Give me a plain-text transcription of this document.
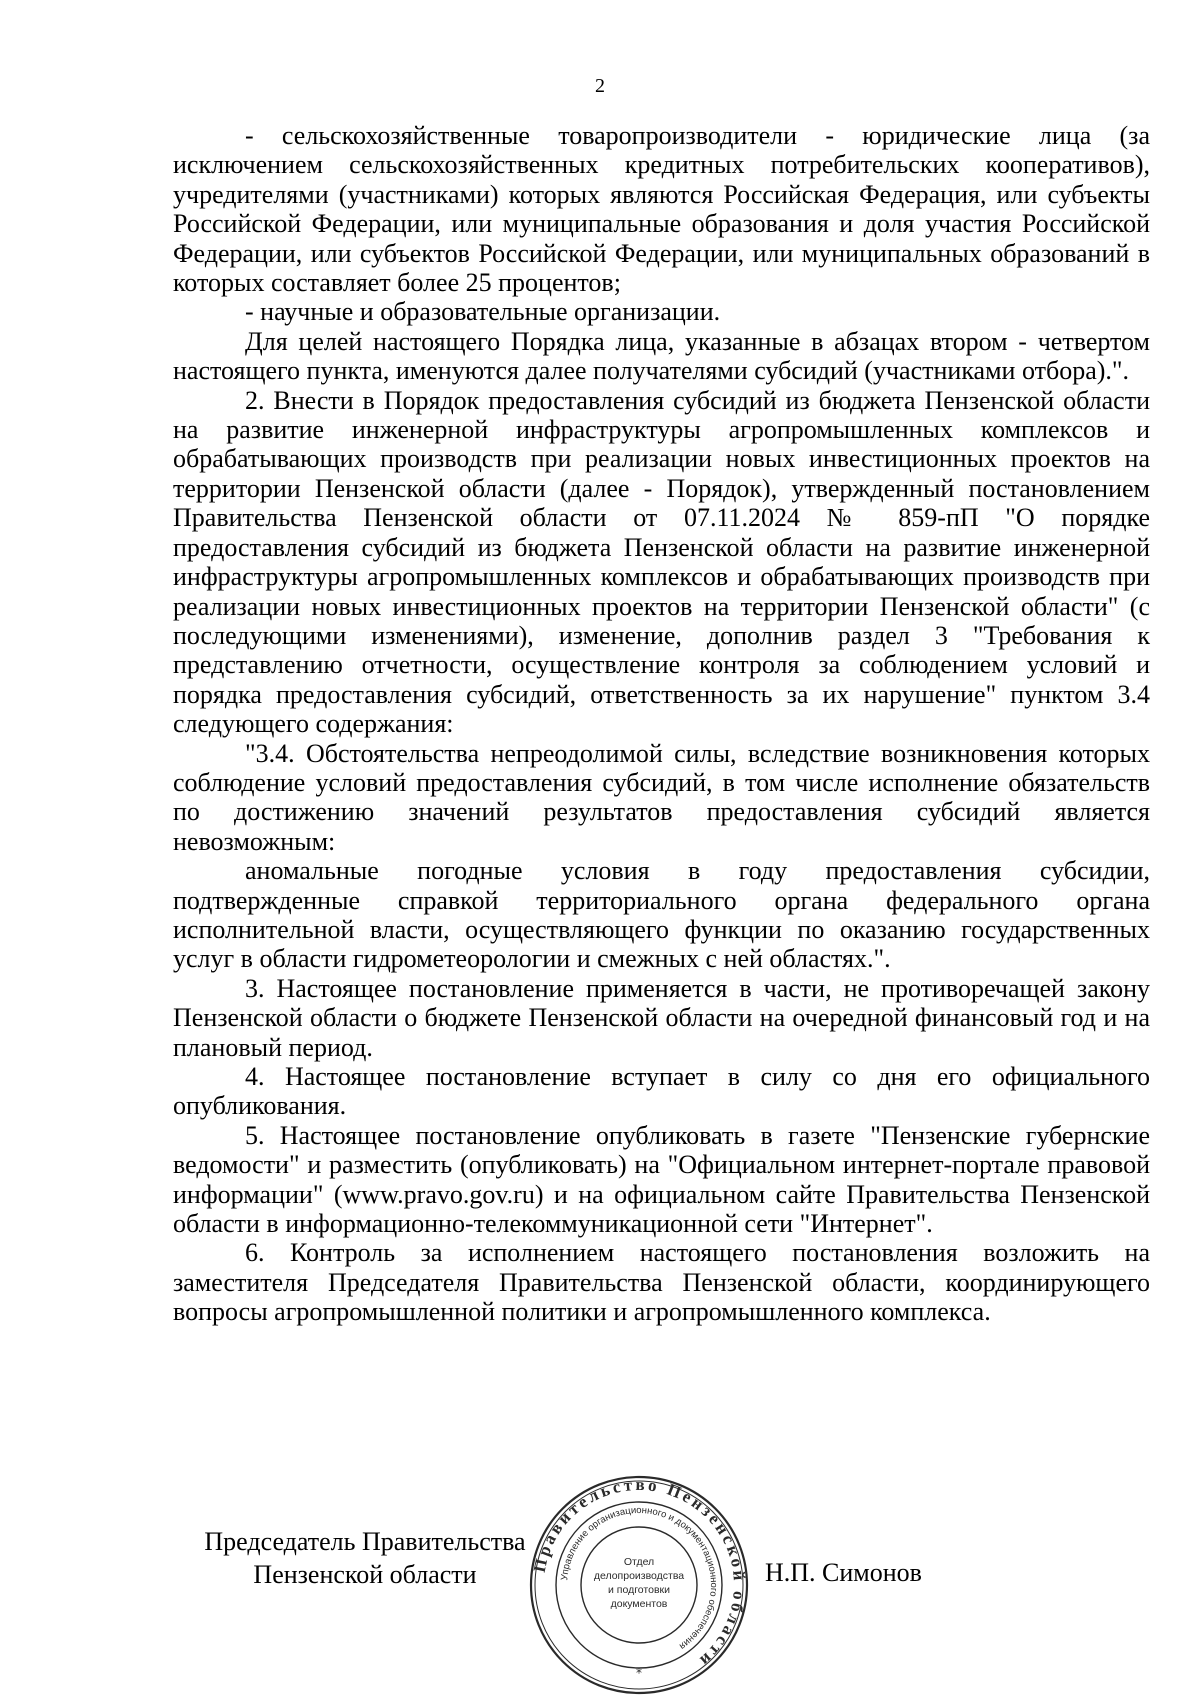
2

- сельскохозяйственные товаропроизводители - юридические лица (за исключением сельскохозяйственных кредитных потребительских кооперативов), учредителями (участниками) которых являются Российская Федерация, или субъекты Российской Федерации, или муниципальные образования и доля участия Российской Федерации, или субъектов Российской Федерации, или муниципальных образований в которых составляет более 25 процентов;

- научные и образовательные организации.

Для целей настоящего Порядка лица, указанные в абзацах втором - четвертом настоящего пункта, именуются далее получателями субсидий (участниками отбора).".

2. Внести в Порядок предоставления субсидий из бюджета Пензенской области на развитие инженерной инфраструктуры агропромышленных комплексов и обрабатывающих производств при реализации новых инвестиционных проектов на территории Пензенской области (далее - Порядок), утвержденный постановлением Правительства Пензенской области от 07.11.2024 № 859-пП "О порядке предоставления субсидий из бюджета Пензенской области на развитие инженерной инфраструктуры агропромышленных комплексов и обрабатывающих производств при реализации новых инвестиционных проектов на территории Пензенской области" (с последующими изменениями), изменение, дополнив раздел 3 "Требования к представлению отчетности, осуществление контроля за соблюдением условий и порядка предоставления субсидий, ответственность за их нарушение" пунктом 3.4 следующего содержания:

"3.4. Обстоятельства непреодолимой силы, вследствие возникновения которых соблюдение условий предоставления субсидий, в том числе исполнение обязательств по достижению значений результатов предоставления субсидий является невозможным:

аномальные погодные условия в году предоставления субсидии, подтвержденные справкой территориального органа федерального органа исполнительной власти, осуществляющего функции по оказанию государственных услуг в области гидрометеорологии и смежных с ней областях.".

3. Настоящее постановление применяется в части, не противоречащей закону Пензенской области о бюджете Пензенской области на очередной финансовый год и на плановый период.

4. Настоящее постановление вступает в силу со дня его официального опубликования.

5. Настоящее постановление опубликовать в газете "Пензенские губернские ведомости" и разместить (опубликовать) на "Официальном интернет-портале правовой информации" (www.pravo.gov.ru) и на официальном сайте Правительства Пензенской области в информационно-телекоммуникационной сети "Интернет".

6. Контроль за исполнением настоящего постановления возложить на заместителя Председателя Правительства Пензенской области, координирующего вопросы агропромышленной политики и агропромышленного комплекса.

Председатель Правительства
Пензенской области	Правительство Пензенской области
Управление организационного и документационного обеспечения
Отдел
делопроизводства
и подготовки
документов
*
Н.П. Симонов
